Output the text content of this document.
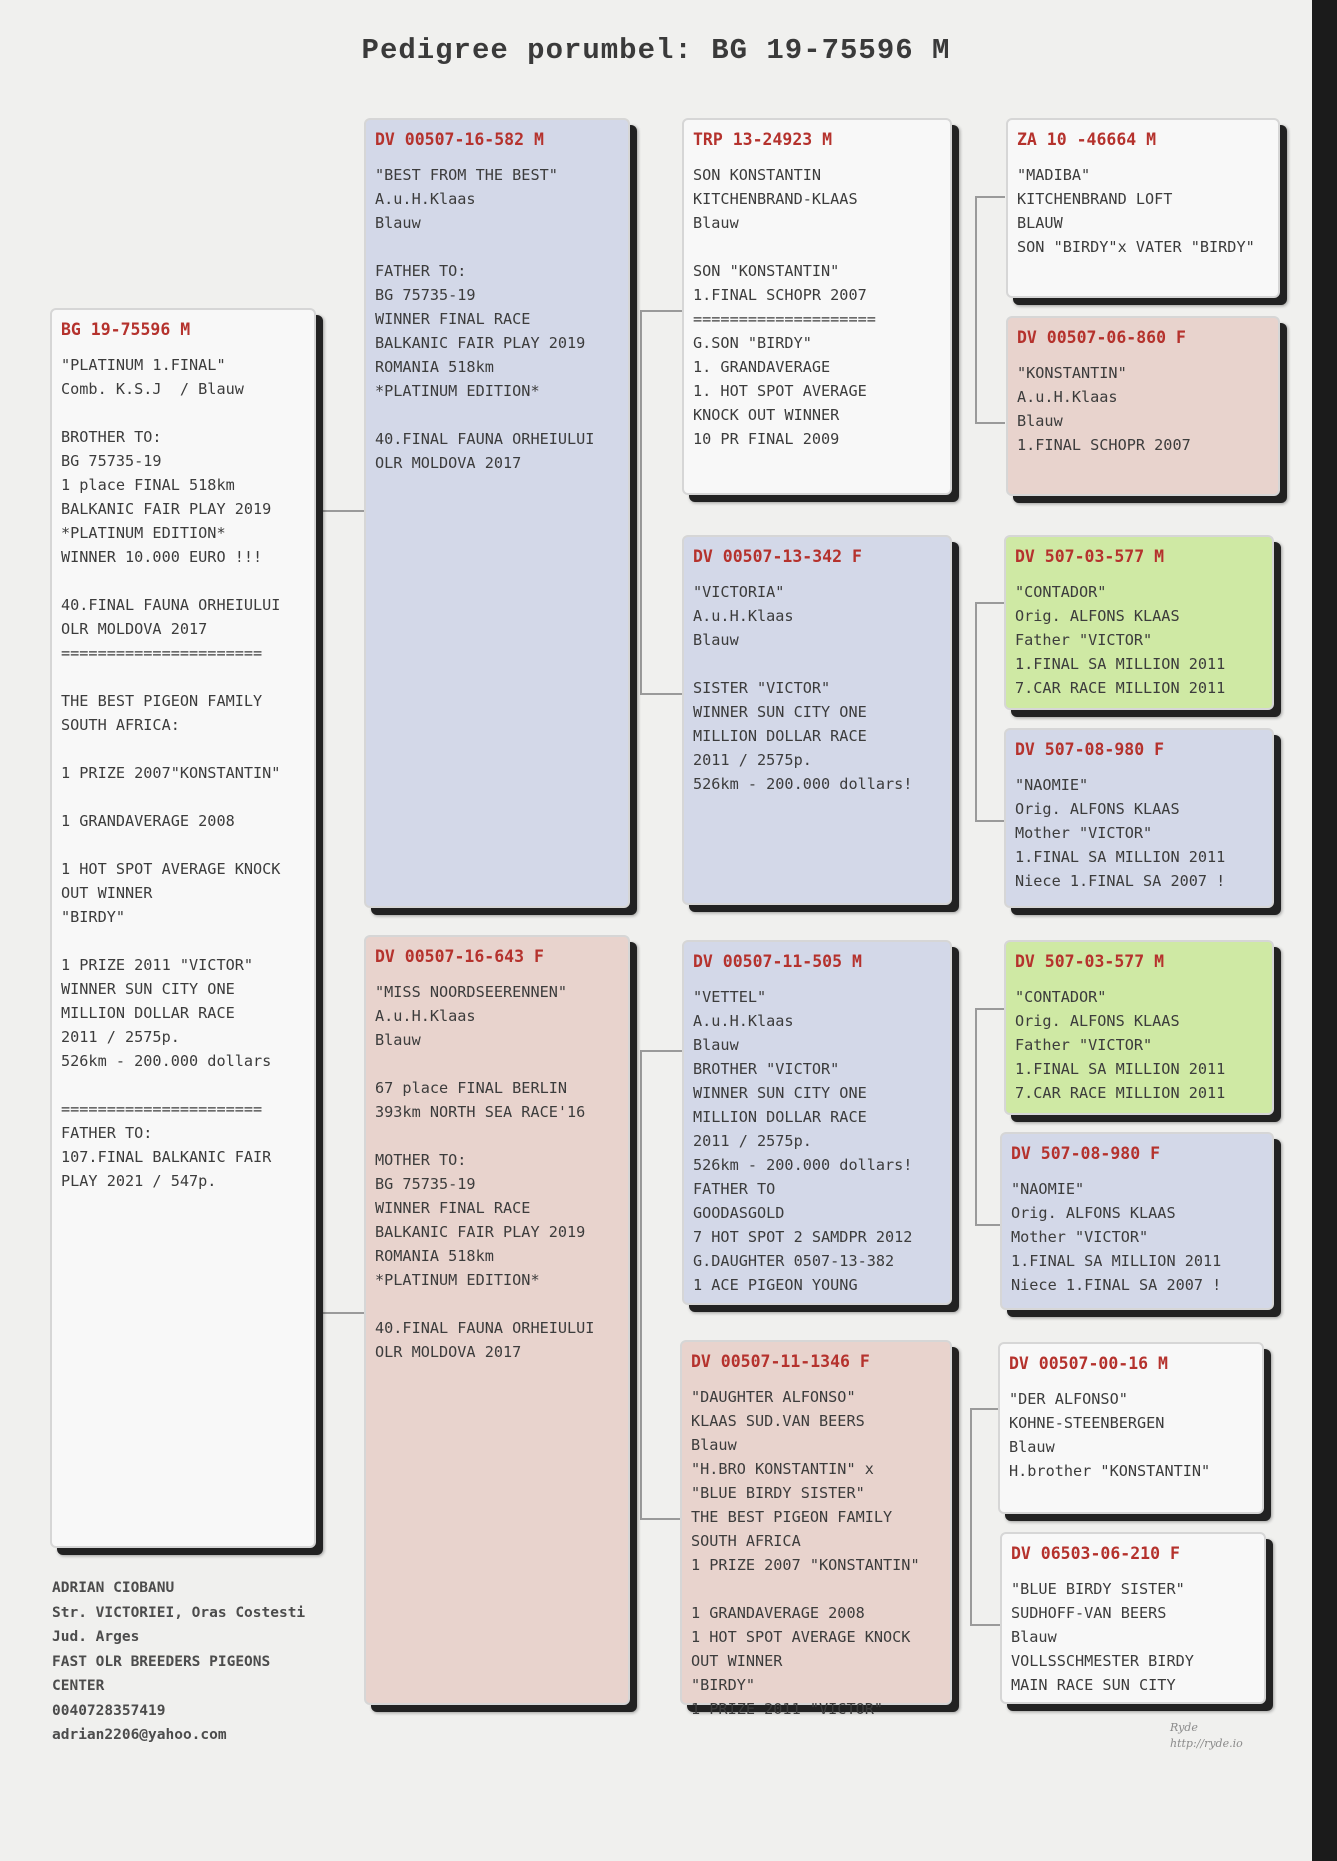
Pedigree porumbel: BG 19-75596 M
BG 19-75596 M
"PLATINUM 1.FINAL"
Comb. K.S.J  / Blauw

BROTHER TO:
BG 75735-19
1 place FINAL 518km
BALKANIC FAIR PLAY 2019
*PLATINUM EDITION*
WINNER 10.000 EURO !!!

40.FINAL FAUNA ORHEIULUI
OLR MOLDOVA 2017
======================

THE BEST PIGEON FAMILY
SOUTH AFRICA:

1 PRIZE 2007"KONSTANTIN"

1 GRANDAVERAGE 2008

1 HOT SPOT AVERAGE KNOCK
OUT WINNER
"BIRDY"

1 PRIZE 2011 "VICTOR"
WINNER SUN CITY ONE
MILLION DOLLAR RACE
2011 / 2575p.
526km - 200.000 dollars

======================
FATHER TO:
107.FINAL BALKANIC FAIR
PLAY 2021 / 547p.
DV 00507-16-582 M
"BEST FROM THE BEST"
A.u.H.Klaas
Blauw

FATHER TO:
BG 75735-19
WINNER FINAL RACE
BALKANIC FAIR PLAY 2019
ROMANIA 518km
*PLATINUM EDITION*

40.FINAL FAUNA ORHEIULUI
OLR MOLDOVA 2017
DV 00507-16-643 F
"MISS NOORDSEERENNEN"
A.u.H.Klaas
Blauw

67 place FINAL BERLIN
393km NORTH SEA RACE'16

MOTHER TO:
BG 75735-19
WINNER FINAL RACE
BALKANIC FAIR PLAY 2019
ROMANIA 518km
*PLATINUM EDITION*

40.FINAL FAUNA ORHEIULUI
OLR MOLDOVA 2017
TRP 13-24923 M
SON KONSTANTIN
KITCHENBRAND-KLAAS
Blauw

SON "KONSTANTIN"
1.FINAL SCHOPR 2007
====================
G.SON "BIRDY"
1. GRANDAVERAGE
1. HOT SPOT AVERAGE
KNOCK OUT WINNER
10 PR FINAL 2009
DV 00507-13-342 F
"VICTORIA"
A.u.H.Klaas
Blauw

SISTER "VICTOR"
WINNER SUN CITY ONE
MILLION DOLLAR RACE
2011 / 2575p.
526km - 200.000 dollars!
DV 00507-11-505 M
"VETTEL"
A.u.H.Klaas
Blauw
BROTHER "VICTOR"
WINNER SUN CITY ONE
MILLION DOLLAR RACE
2011 / 2575p.
526km - 200.000 dollars!
FATHER TO
GOODASGOLD
7 HOT SPOT 2 SAMDPR 2012
G.DAUGHTER 0507-13-382
1 ACE PIGEON YOUNG
DV 00507-11-1346 F
"DAUGHTER ALFONSO"
KLAAS SUD.VAN BEERS
Blauw
"H.BRO KONSTANTIN" x
"BLUE BIRDY SISTER"
THE BEST PIGEON FAMILY
SOUTH AFRICA
1 PRIZE 2007 "KONSTANTIN"

1 GRANDAVERAGE 2008
1 HOT SPOT AVERAGE KNOCK
OUT WINNER
"BIRDY"
1 PRIZE 2011 "VICTOR"
ZA 10 -46664 M
"MADIBA"
KITCHENBRAND LOFT
BLAUW
SON "BIRDY"x VATER "BIRDY"
DV 00507-06-860 F
"KONSTANTIN"
A.u.H.Klaas
Blauw
1.FINAL SCHOPR 2007
DV 507-03-577 M
"CONTADOR"
Orig. ALFONS KLAAS
Father "VICTOR"
1.FINAL SA MILLION 2011
7.CAR RACE MILLION 2011
DV 507-08-980 F
"NAOMIE"
Orig. ALFONS KLAAS
Mother "VICTOR"
1.FINAL SA MILLION 2011
Niece 1.FINAL SA 2007 !
DV 507-03-577 M
"CONTADOR"
Orig. ALFONS KLAAS
Father "VICTOR"
1.FINAL SA MILLION 2011
7.CAR RACE MILLION 2011
DV 507-08-980 F
"NAOMIE"
Orig. ALFONS KLAAS
Mother "VICTOR"
1.FINAL SA MILLION 2011
Niece 1.FINAL SA 2007 !
DV 00507-00-16 M
"DER ALFONSO"
KOHNE-STEENBERGEN
Blauw
H.brother "KONSTANTIN"
DV 06503-06-210 F
"BLUE BIRDY SISTER"
SUDHOFF-VAN BEERS
Blauw
VOLLSSCHMESTER BIRDY
MAIN RACE SUN CITY
ADRIAN CIOBANU
Str. VICTORIEI, Oras Costesti
Jud. Arges
FAST OLR BREEDERS PIGEONS
CENTER
0040728357419
adrian2206@yahoo.com	Ryde
http://ryde.io
